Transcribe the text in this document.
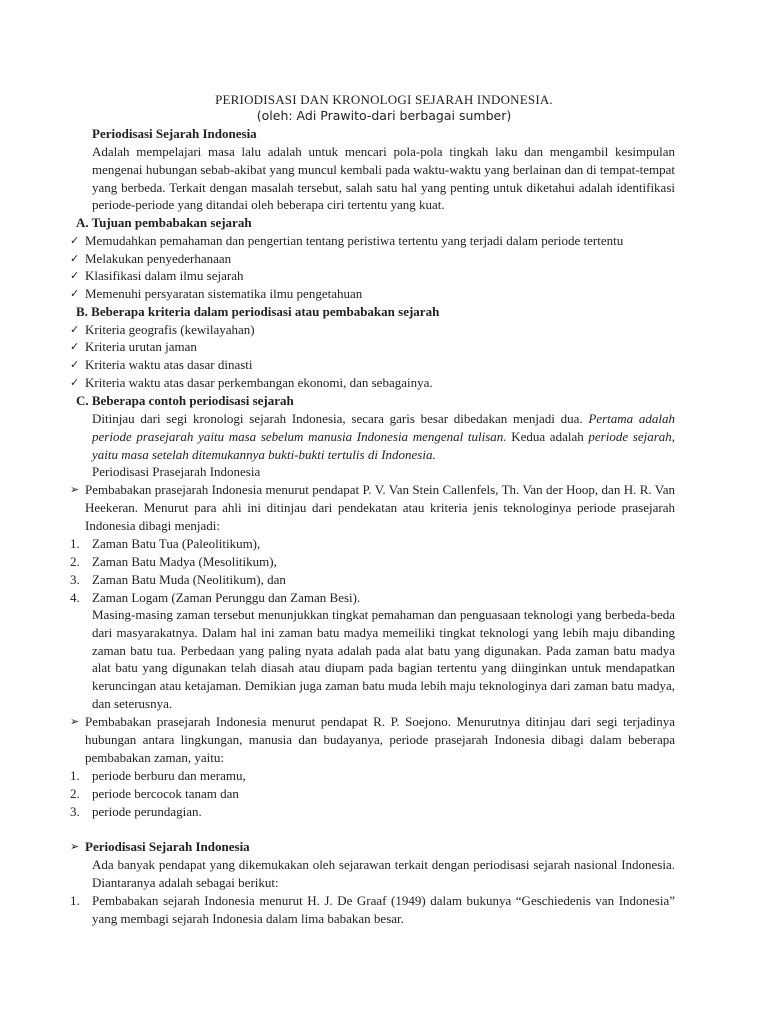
PERIODISASI DAN KRONOLOGI SEJARAH INDONESIA.
(oleh: Adi Prawito-dari berbagai sumber)
Periodisasi Sejarah Indonesia
Adalah mempelajari masa lalu adalah untuk mencari pola-pola tingkah laku dan mengambil kesimpulan mengenai hubungan sebab-akibat yang muncul kembali pada waktu-waktu yang berlainan dan di tempat-tempat yang berbeda. Terkait dengan masalah tersebut, salah satu hal yang penting untuk diketahui adalah identifikasi periode-periode yang ditandai oleh beberapa ciri tertentu yang kuat.
A. Tujuan pembabakan sejarah
✓ Memudahkan pemahaman dan pengertian tentang peristiwa tertentu yang terjadi dalam periode tertentu
✓ Melakukan penyederhanaan
✓ Klasifikasi dalam ilmu sejarah
✓ Memenuhi persyaratan sistematika ilmu pengetahuan
B. Beberapa kriteria dalam periodisasi atau pembabakan sejarah
✓ Kriteria geografis (kewilayahan)
✓ Kriteria urutan jaman
✓ Kriteria waktu atas dasar dinasti
✓ Kriteria waktu atas dasar perkembangan ekonomi, dan sebagainya.
C. Beberapa contoh periodisasi sejarah
Ditinjau dari segi kronologi sejarah Indonesia, secara garis besar dibedakan menjadi dua. Pertama adalah periode prasejarah yaitu masa sebelum manusia Indonesia mengenal tulisan. Kedua adalah periode sejarah, yaitu masa setelah ditemukannya bukti-bukti tertulis di Indonesia.
Periodisasi Prasejarah Indonesia
➢ Pembabakan prasejarah Indonesia menurut pendapat P. V. Van Stein Callenfels, Th. Van der Hoop, dan H. R. Van Heekeran. Menurut para ahli ini ditinjau dari pendekatan atau kriteria jenis teknologinya periode prasejarah Indonesia dibagi menjadi:
1. Zaman Batu Tua (Paleolitikum),
2. Zaman Batu Madya (Mesolitikum),
3. Zaman Batu Muda (Neolitikum), dan
4. Zaman Logam (Zaman Perunggu dan Zaman Besi).
Masing-masing zaman tersebut menunjukkan tingkat pemahaman dan penguasaan teknologi yang berbeda-beda dari masyarakatnya. Dalam hal ini zaman batu madya memeiliki tingkat teknologi yang lebih maju dibanding zaman batu tua. Perbedaan yang paling nyata adalah pada alat batu yang digunakan. Pada zaman batu madya alat batu yang digunakan telah diasah atau diupam pada bagian tertentu yang diinginkan untuk mendapatkan keruncingan atau ketajaman. Demikian juga zaman batu muda lebih maju teknologinya dari zaman batu madya, dan seterusnya.
➢ Pembabakan prasejarah Indonesia menurut pendapat R. P. Soejono. Menurutnya ditinjau dari segi terjadinya hubungan antara lingkungan, manusia dan budayanya, periode prasejarah Indonesia dibagi dalam beberapa pembabakan zaman, yaitu:
1. periode berburu dan meramu,
2. periode bercocok tanam dan
3. periode perundagian.
➢ Periodisasi Sejarah Indonesia
Ada banyak pendapat yang dikemukakan oleh sejarawan terkait dengan periodisasi sejarah nasional Indonesia. Diantaranya adalah sebagai berikut:
1. Pembabakan sejarah Indonesia menurut H. J. De Graaf (1949) dalam bukunya “Geschiedenis van Indonesia” yang membagi sejarah Indonesia dalam lima babakan besar.
